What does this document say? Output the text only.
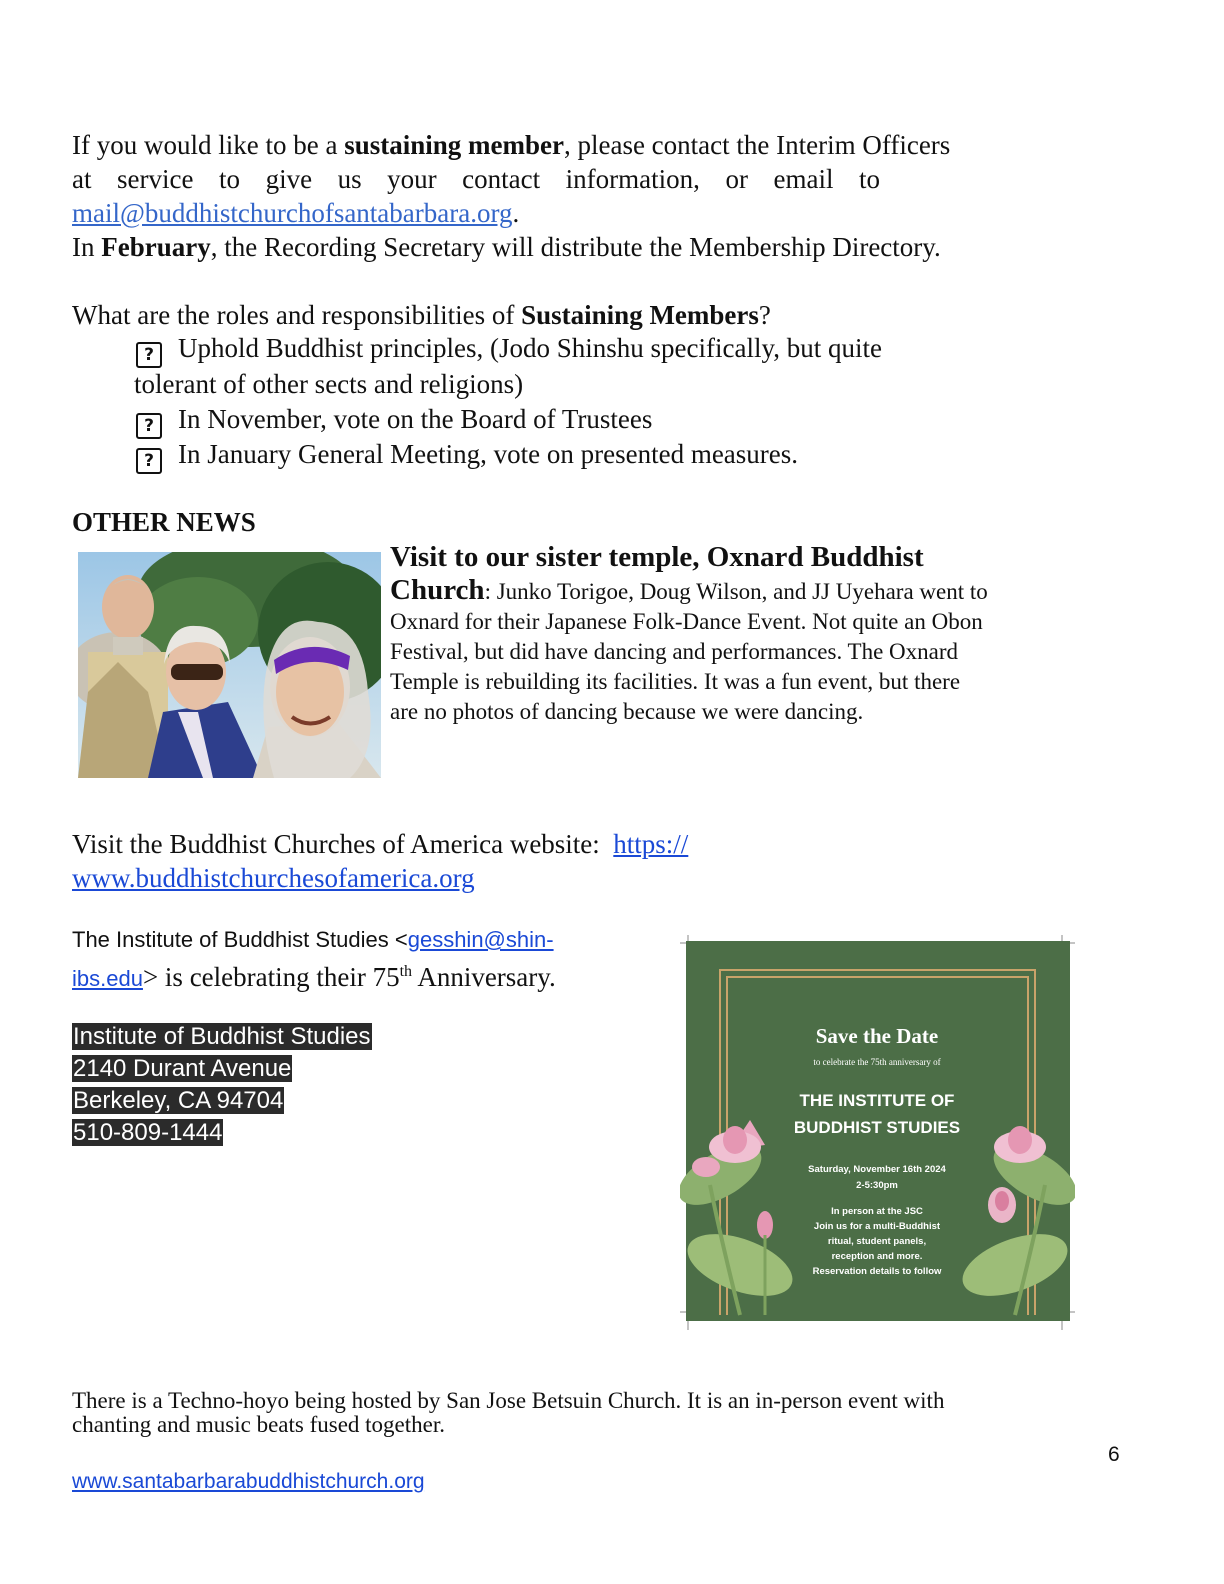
If you would like to be a sustaining member, please contact the Interim Officers
at service to give us your contact information, or email to
mail@buddhistchurchofsantabarbara.org.
In February, the Recording Secretary will distribute the Membership Directory.
What are the roles and responsibilities of Sustaining Members?
? Uphold Buddhist principles, (Jodo Shinshu specifically, but quite
tolerant of other sects and religions)
? In November, vote on the Board of Trustees
? In January General Meeting, vote on presented measures.
OTHER NEWS
Visit to our sister temple, Oxnard Buddhist
Church: Junko Torigoe, Doug Wilson, and JJ Uyehara went to
Oxnard for their Japanese Folk-Dance Event. Not quite an Obon
Festival, but did have dancing and performances. The Oxnard
Temple is rebuilding its facilities. It was a fun event, but there
are no photos of dancing because we were dancing.
Visit the Buddhist Churches of America website:  https://
www.buddhistchurchesofamerica.org
The Institute of Buddhist Studies <gesshin@shin-
ibs.edu> is celebrating their 75th Anniversary.
Institute of Buddhist Studies
2140 Durant Avenue
Berkeley, CA 94704
510-809-1444
Save the Date
to celebrate the 75th anniversary of
THE INSTITUTE OF
BUDDHIST STUDIES
Saturday, November 16th 2024
2-5:30pm
In person at the JSC
Join us for a multi-Buddhist
ritual, student panels,
reception and more.
Reservation details to follow
There is a Techno-hoyo being hosted by San Jose Betsuin Church. It is an in-person event with
chanting and music beats fused together.
6
www.santabarbarabuddhistchurch.org
